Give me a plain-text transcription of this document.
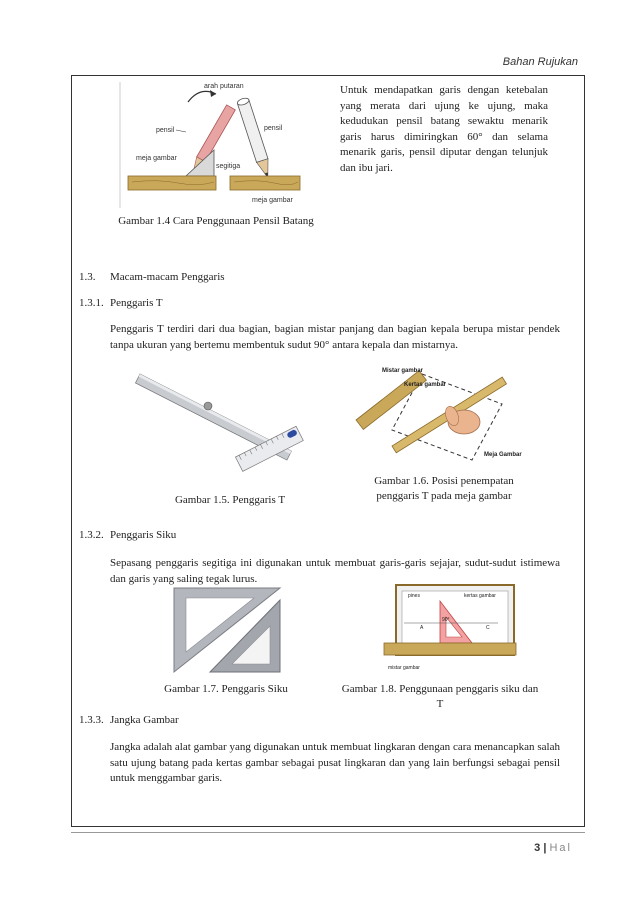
Bahan Rujukan
arah putaran
pensil
meja gambar
segitiga
pensil
meja gambar
Gambar 1.4 Cara Penggunaan Pensil Batang
Untuk mendapatkan garis dengan ketebalan yang merata dari ujung ke ujung, maka kedudukan pensil batang sewaktu menarik garis harus dimiringkan 60° dan selama menarik garis, pensil diputar dengan telunjuk dan ibu jari.
1.3. Macam-macam Penggaris
1.3.1. Penggaris T
Penggaris T terdiri dari dua bagian, bagian mistar panjang dan bagian kepala berupa mistar pendek tanpa ukuran yang bertemu membentuk sudut 90° antara kepala dan mistarnya.
Gambar 1.5. Penggaris T
Mistar gambar
Kertas gambar
Meja Gambar
Gambar 1.6. Posisi penempatan penggaris T pada meja gambar
1.3.2. Penggaris Siku
Sepasang penggaris segitiga ini digunakan untuk membuat garis-garis sejajar, sudut-sudut istimewa dan garis yang saling tegak lurus.
Gambar 1.7. Penggaris Siku
pines	kertas gambar
A	C
90°
mistar gambar
Gambar 1.8. Penggunaan penggaris siku dan T
1.3.3. Jangka Gambar
Jangka adalah alat gambar yang digunakan untuk membuat lingkaran dengan cara menancapkan salah satu ujung batang pada kertas gambar sebagai pusat lingkaran dan yang lain berfungsi sebagai pensil untuk menggambar garis.
3 | Hal
